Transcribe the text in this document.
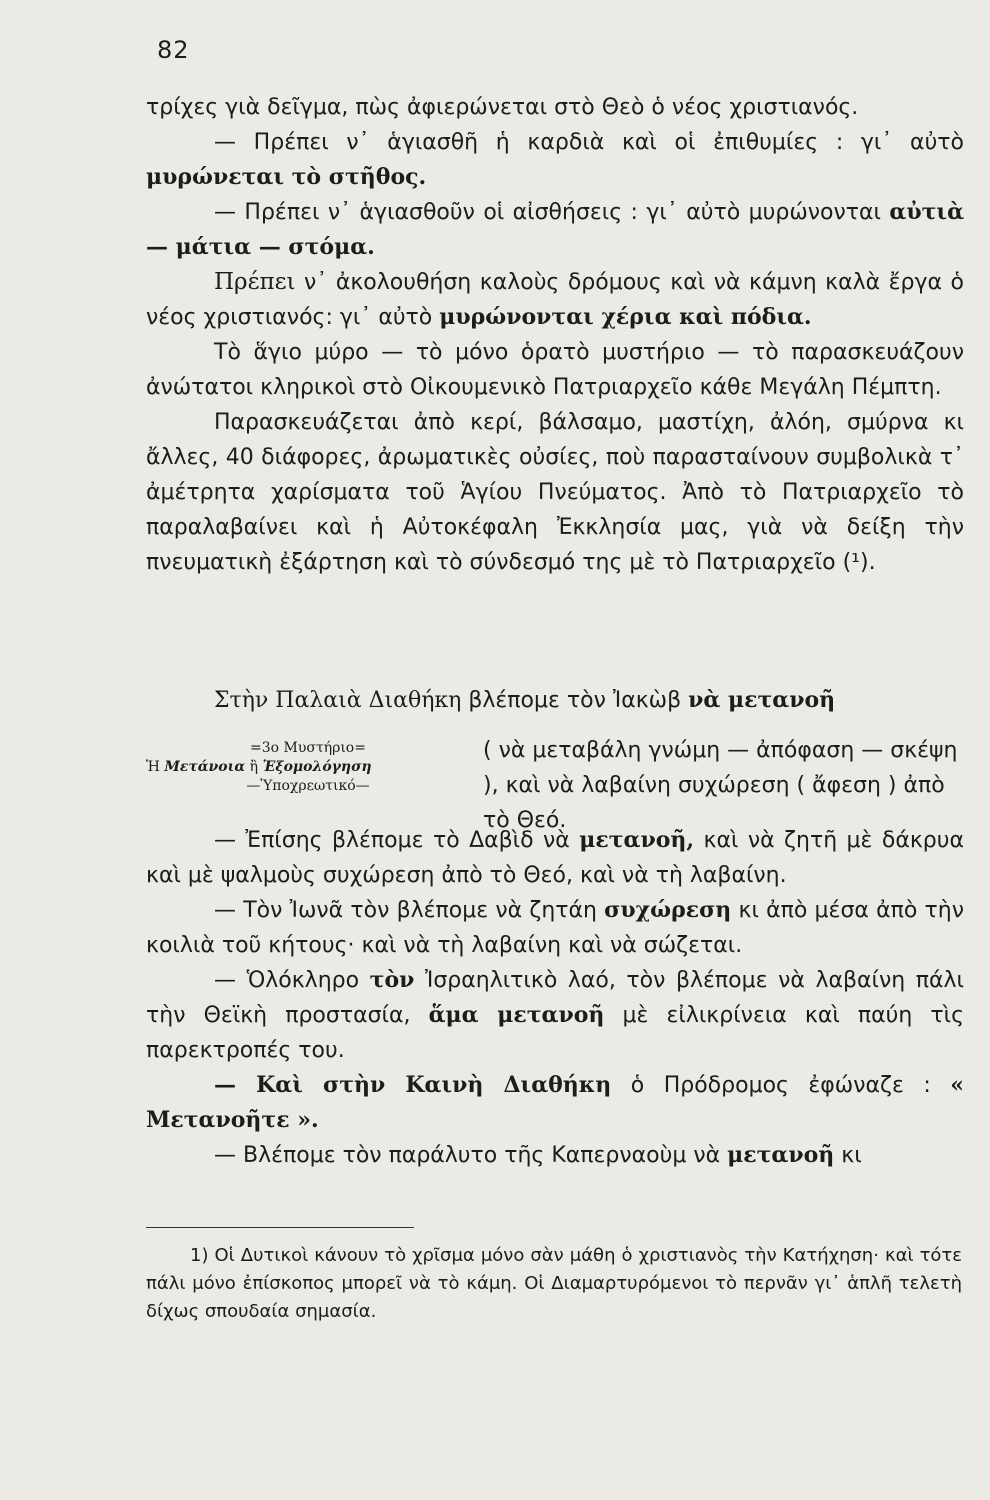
82

τρίχες γιὰ δεῖγμα, πὼς ἀφιερώνεται στὸ Θεὸ ὁ νέος χριστιανός.

— Πρέπει ν᾽ ἁγιασθῆ ἡ καρδιὰ καὶ οἱ ἐπιθυμίες : γι᾽ αὐτὸ μυρώνεται τὸ στῆθος.

— Πρέπει ν᾽ ἁγιασθοῦν οἱ αἰσθήσεις : γι᾽ αὐτὸ μυρώνονται αὐτιὰ — μάτια — στόμα.

Πρέπει ν᾽ ἀκολουθήση καλοὺς δρόμους καὶ νὰ κάμνη καλὰ ἔργα ὁ νέος χριστιανός: γι᾽ αὐτὸ μυρώνονται χέρια καὶ πόδια.

Τὸ ἅγιο μύρο — τὸ μόνο ὁρατὸ μυστήριο — τὸ παρασκευάζουν ἀνώτατοι κληρικοὶ στὸ Οἰκουμενικὸ Πατριαρχεῖο κάθε Μεγάλη Πέμπτη.

Παρασκευάζεται ἀπὸ κερί, βάλσαμο, μαστίχη, ἀλόη, σμύρνα κι ἄλλες, 40 διάφορες, ἀρωματικὲς οὐσίες, ποὺ παρασταίνουν συμβολικὰ τ᾽ ἀμέτρητα χαρίσματα τοῦ Ἁγίου Πνεύματος. Ἀπὸ τὸ Πατριαρχεῖο τὸ παραλαβαίνει καὶ ἡ Αὐτοκέφαλη Ἐκκλησία μας, γιὰ νὰ δείξη τὴν πνευματικὴ ἐξάρτηση καὶ τὸ σύνδεσμό της μὲ τὸ Πατριαρχεῖο (¹).

Στὴν Παλαιὰ Διαθήκη βλέπομε τὸν Ἰακὼβ νὰ μετανοῆ

=3ο Μυστήριο=
Ἡ Μετάνοια ἢ Ἐξομολόγηση
—Ὑποχρεωτικό—
( νὰ μεταβάλη γνώμη — ἀπόφαση — σκέψη ), καὶ νὰ λαβαίνη συχώρεση ( ἄφεση ) ἀπὸ τὸ Θεό.

— Ἐπίσης βλέπομε τὸ Δαβὶδ νὰ μετανοῆ, καὶ νὰ ζητῆ μὲ δάκρυα καὶ μὲ ψαλμοὺς συχώρεση ἀπὸ τὸ Θεό, καὶ νὰ τὴ λαβαίνη.

— Τὸν Ἰωνᾶ τὸν βλέπομε νὰ ζητάη συχώρεση κι ἀπὸ μέσα ἀπὸ τὴν κοιλιὰ τοῦ κήτους· καὶ νὰ τὴ λαβαίνη καὶ νὰ σώζεται.

— Ὁλόκληρο τὸν Ἰσραηλιτικὸ λαό, τὸν βλέπομε νὰ λαβαίνη πάλι τὴν Θεϊκὴ προστασία, ἅμα μετανοῆ μὲ εἰλικρίνεια καὶ παύη τὶς παρεκτροπές του.

— Καὶ στὴν Καινὴ Διαθήκη ὁ Πρόδρομος ἐφώναζε : « Μετανοῆτε ».

— Βλέπομε τὸν παράλυτο τῆς Καπερναοὺμ νὰ μετανοῆ κι

1) Οἱ Δυτικοὶ κάνουν τὸ χρῖσμα μόνο σὰν μάθη ὁ χριστιανὸς τὴν Κατήχηση· καὶ τότε πάλι μόνο ἐπίσκοπος μπορεῖ νὰ τὸ κάμη. Οἱ Διαμαρτυρόμενοι τὸ περνᾶν γι᾽ ἁπλῆ τελετὴ δίχως σπουδαία σημασία.
